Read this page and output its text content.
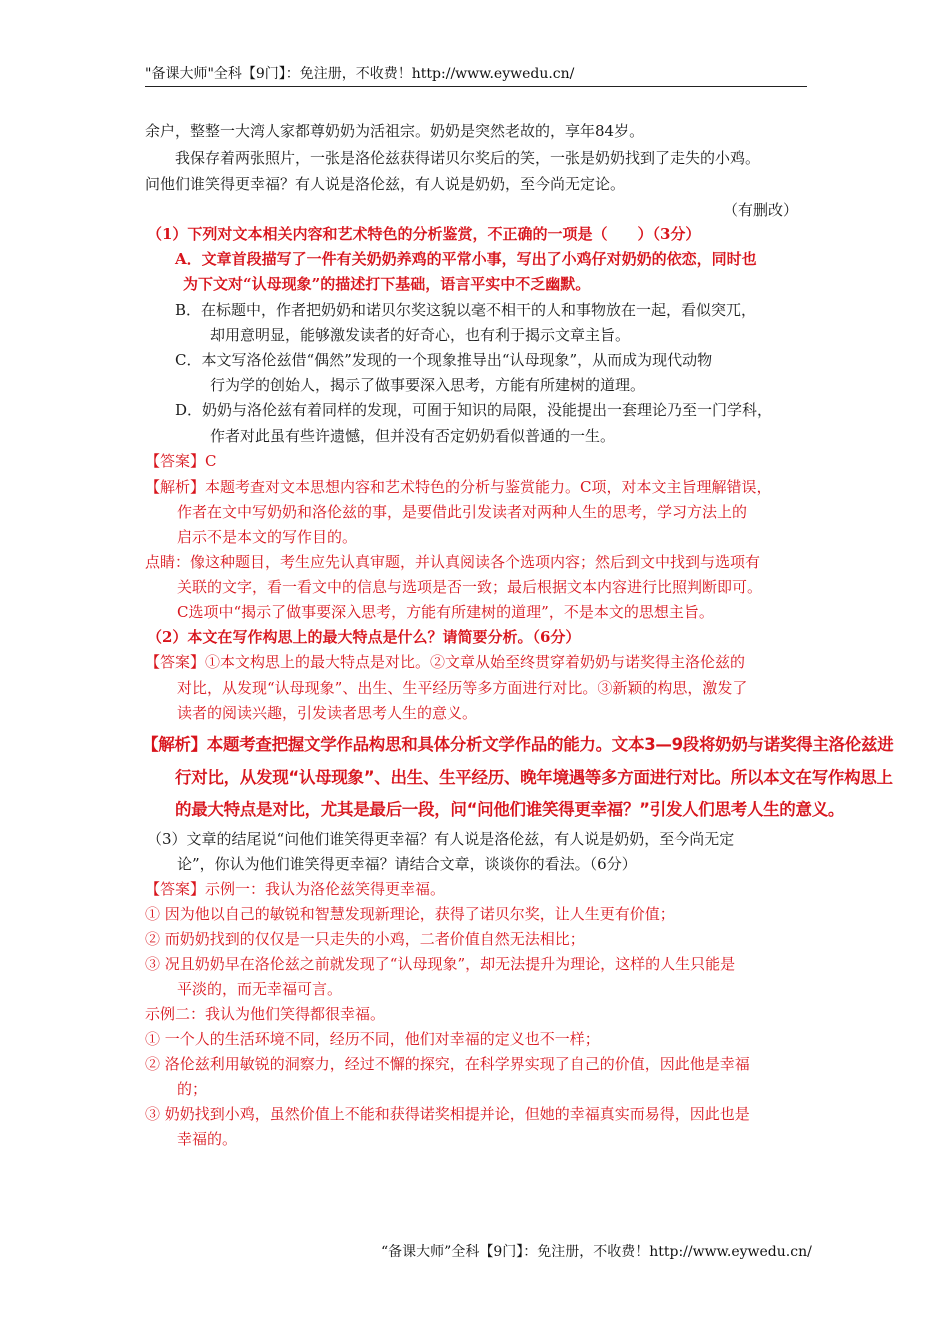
"备课大师"全科【9门】：免注册，不收费！http://www.eywedu.cn/
余户，整整一大湾人家都尊奶奶为活祖宗。奶奶是突然老故的，享年84岁。
我保存着两张照片，一张是洛伦兹获得诺贝尔奖后的笑，一张是奶奶找到了走失的小鸡。
问他们谁笑得更幸福？有人说是洛伦兹，有人说是奶奶，至今尚无定论。
（有删改）
（1）下列对文本相关内容和艺术特色的分析鉴赏，不正确的一项是（　　）（3分）
A．文章首段描写了一件有关奶奶养鸡的平常小事，写出了小鸡仔对奶奶的依恋，同时也
为下文对“认母现象”的描述打下基础，语言平实中不乏幽默。
B．在标题中，作者把奶奶和诺贝尔奖这貌以毫不相干的人和事物放在一起，看似突兀，
却用意明显，能够激发读者的好奇心，也有利于揭示文章主旨。
C．本文写洛伦兹借“偶然”发现的一个现象推导出“认母现象”，从而成为现代动物
行为学的创始人，揭示了做事要深入思考，方能有所建树的道理。
D．奶奶与洛伦兹有着同样的发现，可囿于知识的局限，没能提出一套理论乃至一门学科，
作者对此虽有些许遗憾，但并没有否定奶奶看似普通的一生。
【答案】C
【解析】本题考查对文本思想内容和艺术特色的分析与鉴赏能力。C项，对本文主旨理解错误，
作者在文中写奶奶和洛伦兹的事，是要借此引发读者对两种人生的思考，学习方法上的
启示不是本文的写作目的。
点睛：像这种题目，考生应先认真审题，并认真阅读各个选项内容；然后到文中找到与选项有
关联的文字，看一看文中的信息与选项是否一致；最后根据文本内容进行比照判断即可。
C选项中“揭示了做事要深入思考，方能有所建树的道理”，不是本文的思想主旨。
（2）本文在写作构思上的最大特点是什么？请简要分析。（6分）
【答案】①本文构思上的最大特点是对比。②文章从始至终贯穿着奶奶与诺奖得主洛伦兹的
对比，从发现“认母现象”、出生、生平经历等多方面进行对比。③新颖的构思，激发了
读者的阅读兴趣，引发读者思考人生的意义。
【解析】本题考查把握文学作品构思和具体分析文学作品的能力。文本3—9段将奶奶与诺奖得主洛伦兹进
行对比，从发现“认母现象”、出生、生平经历、晚年境遇等多方面进行对比。所以本文在写作构思上
的最大特点是对比，尤其是最后一段，问“问他们谁笑得更幸福？”引发人们思考人生的意义。
（3）文章的结尾说“问他们谁笑得更幸福？有人说是洛伦兹，有人说是奶奶，至今尚无定
论”，你认为他们谁笑得更幸福？请结合文章，谈谈你的看法。（6分）
【答案】示例一：我认为洛伦兹笑得更幸福。
① 因为他以自己的敏锐和智慧发现新理论，获得了诺贝尔奖，让人生更有价值；
② 而奶奶找到的仅仅是一只走失的小鸡，二者价值自然无法相比；
③ 况且奶奶早在洛伦兹之前就发现了“认母现象”，却无法提升为理论，这样的人生只能是
平淡的，而无幸福可言。
示例二：我认为他们笑得都很幸福。
① 一个人的生活环境不同，经历不同，他们对幸福的定义也不一样；
② 洛伦兹利用敏锐的洞察力，经过不懈的探究，在科学界实现了自己的价值，因此他是幸福
的；
③ 奶奶找到小鸡，虽然价值上不能和获得诺奖相提并论，但她的幸福真实而易得，因此也是
幸福的。
“备课大师”全科【9门】：免注册，不收费！http://www.eywedu.cn/
